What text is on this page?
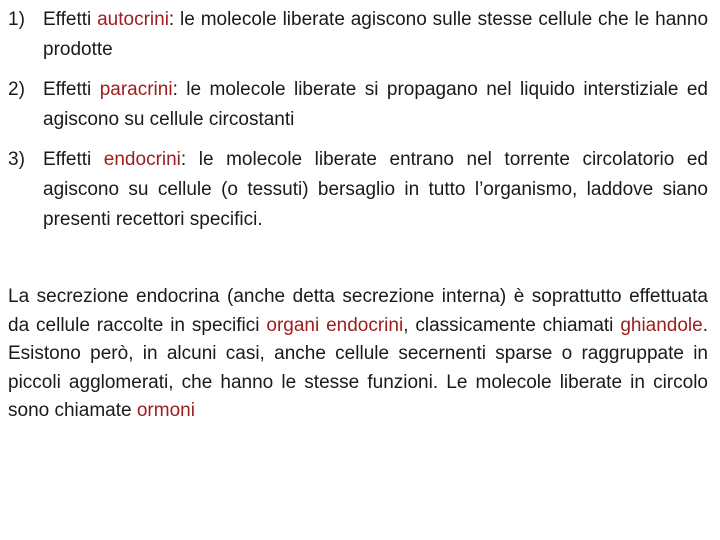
1) Effetti autocrini: le molecole liberate agiscono sulle stesse cellule che le hanno prodotte
2) Effetti paracrini: le molecole liberate si propagano nel liquido interstiziale ed agiscono su cellule circostanti
3) Effetti endocrini: le molecole liberate entrano nel torrente circolatorio ed agiscono su cellule (o tessuti) bersaglio in tutto l’organismo, laddove siano presenti recettori specifici.
La secrezione endocrina (anche detta secrezione interna) è soprattutto effettuata da cellule raccolte in specifici organi endocrini, classicamente chiamati ghiandole. Esistono però, in alcuni casi, anche cellule secernenti sparse o raggruppate in piccoli agglomerati, che hanno le stesse funzioni. Le molecole liberate in circolo sono chiamate ormoni
